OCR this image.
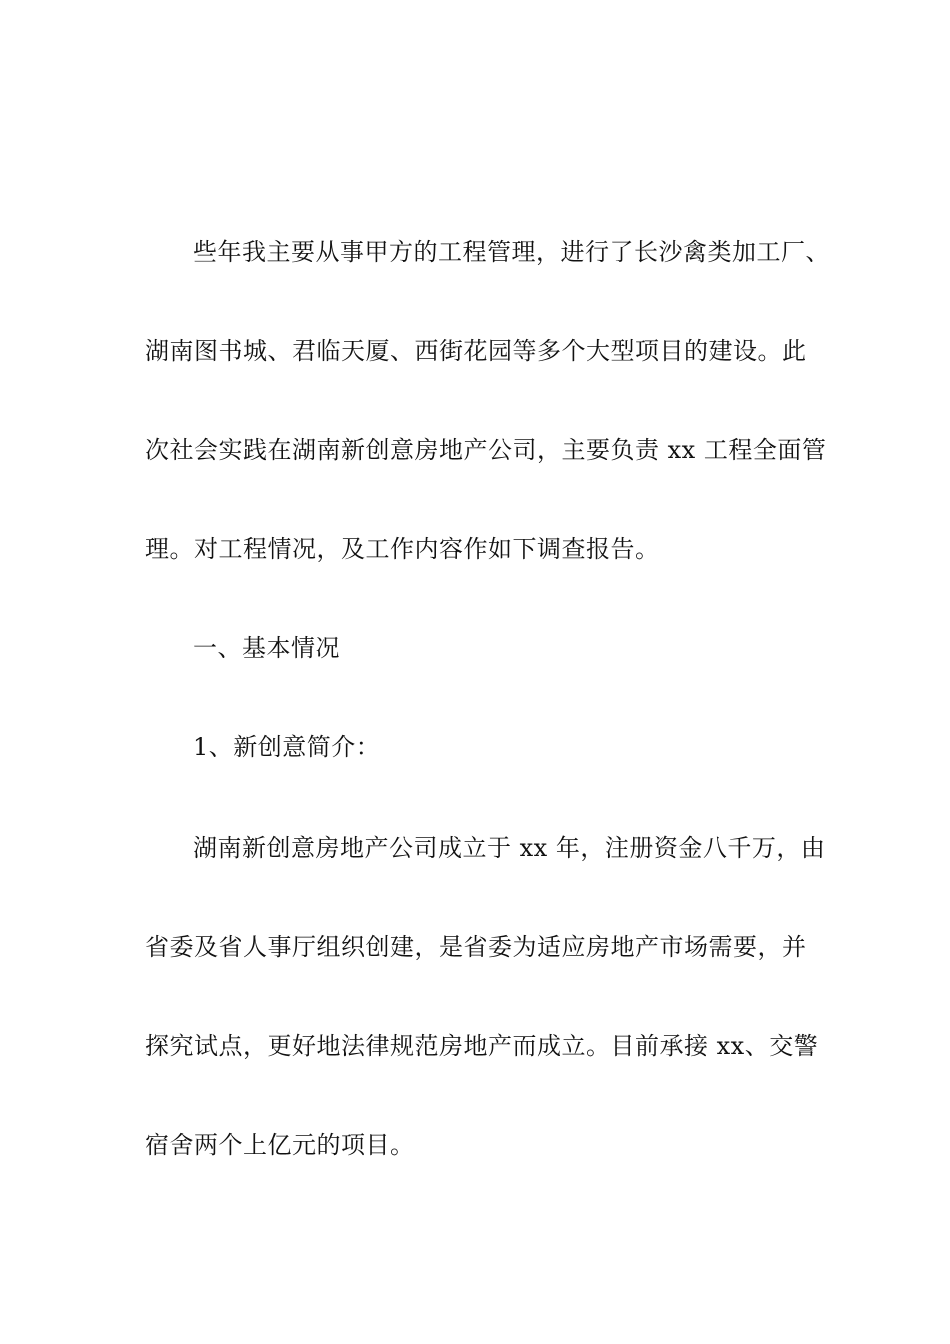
些年我主要从事甲方的工程管理，进行了长沙禽类加工厂、
湖南图书城、君临天厦、西街花园等多个大型项目的建设。此
次社会实践在湖南新创意房地产公司，主要负责 xx 工程全面管
理。对工程情况，及工作内容作如下调查报告。
一、基本情况
1、新创意简介：
湖南新创意房地产公司成立于 xx 年，注册资金八千万，由
省委及省人事厅组织创建，是省委为适应房地产市场需要，并
探究试点，更好地法律规范房地产而成立。目前承接 xx、交警
宿舍两个上亿元的项目。
